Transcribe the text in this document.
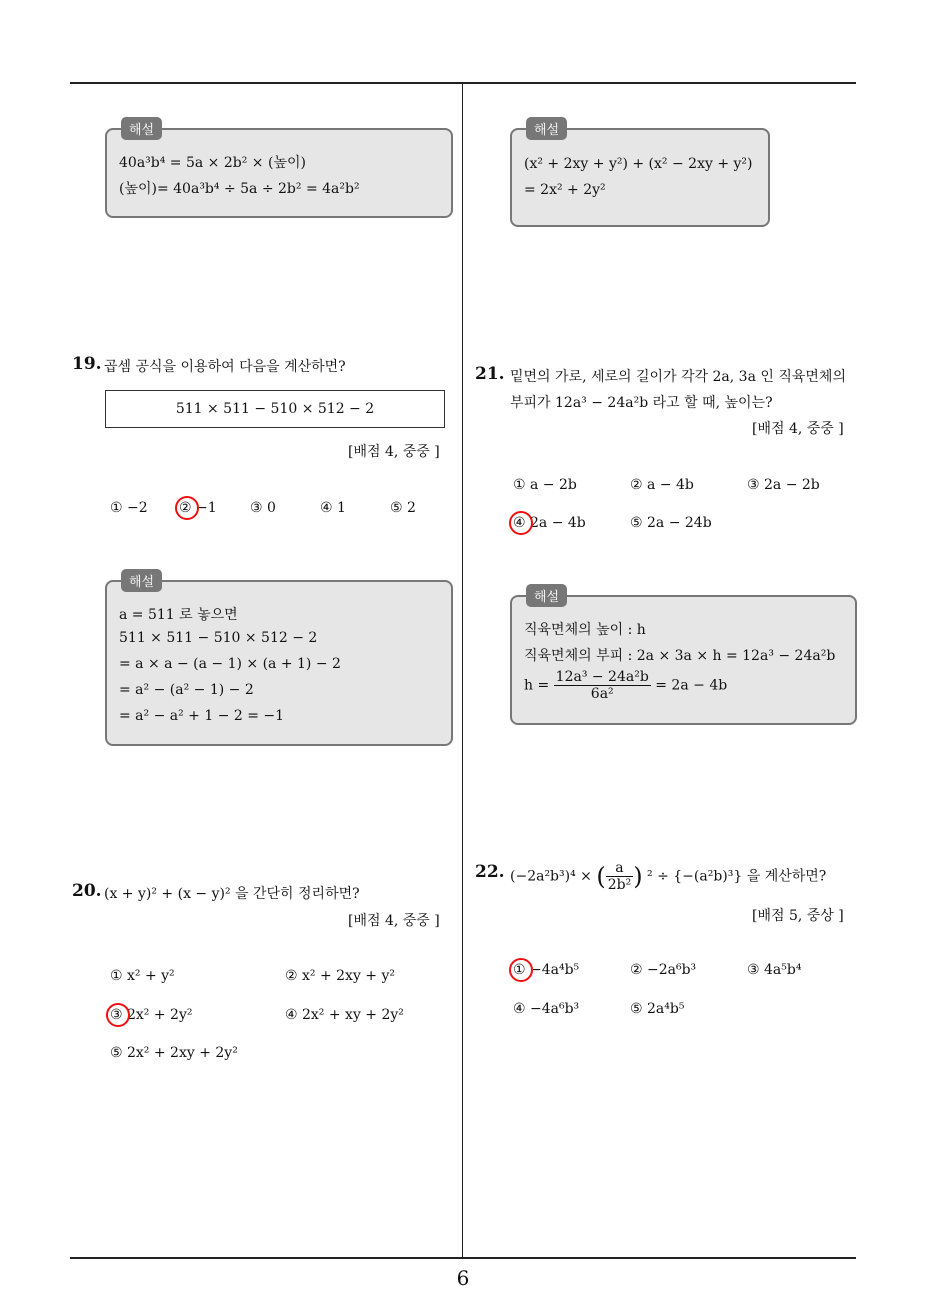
해설
40a³b⁴ = 5a × 2b² × (높이)
(높이)= 40a³b⁴ ÷ 5a ÷ 2b² = 4a²b²
해설
(x² + 2xy + y²) + (x² − 2xy + y²)
= 2x² + 2y²
19. 곱셈 공식을 이용하여 다음을 계산하면?
511 × 511 − 510 × 512 − 2
[배점 4, 중중 ]
① −2 ② −1 ③ 0	④ 1	⑤ 2
해설
a = 511 로 놓으면
511 × 511 − 510 × 512 − 2
= a × a − (a − 1) × (a + 1) − 2
= a² − (a² − 1) − 2
= a² − a² + 1 − 2 = −1
20. (x + y)² + (x − y)² 을 간단히 정리하면?
[배점 4, 중중 ]
① x² + y²	② x² + 2xy + y²
③ 2x² + 2y²	④ 2x² + xy + 2y²
⑤ 2x² + 2xy + 2y²
21. 밑면의 가로, 세로의 길이가 각각 2a, 3a 인 직육면체의
부피가 12a³ − 24a²b 라고 할 때, 높이는?
[배점 4, 중중 ]
① a − 2b	② a − 4b	③ 2a − 2b
④ 2a − 4b	⑤ 2a − 24b
해설
직육면체의 높이 : h
직육면체의 부피 : 2a × 3a × h = 12a³ − 24a²b
$h = \frac{\text{12a³ − 24a²b}}{\text{6a²}} = 2a - 4b$
22. (−2a²b³)⁴ × ( $\frac{a}{\text{2b²}}$ ) ² ÷ {−(a²b)³} 을 계산하면?
[배점 5, 중상 ]
① −4a⁴b⁵	② −2a⁶b³	③ 4a⁵b⁴
④ −4a⁶b³	⑤ 2a⁴b⁵
6
